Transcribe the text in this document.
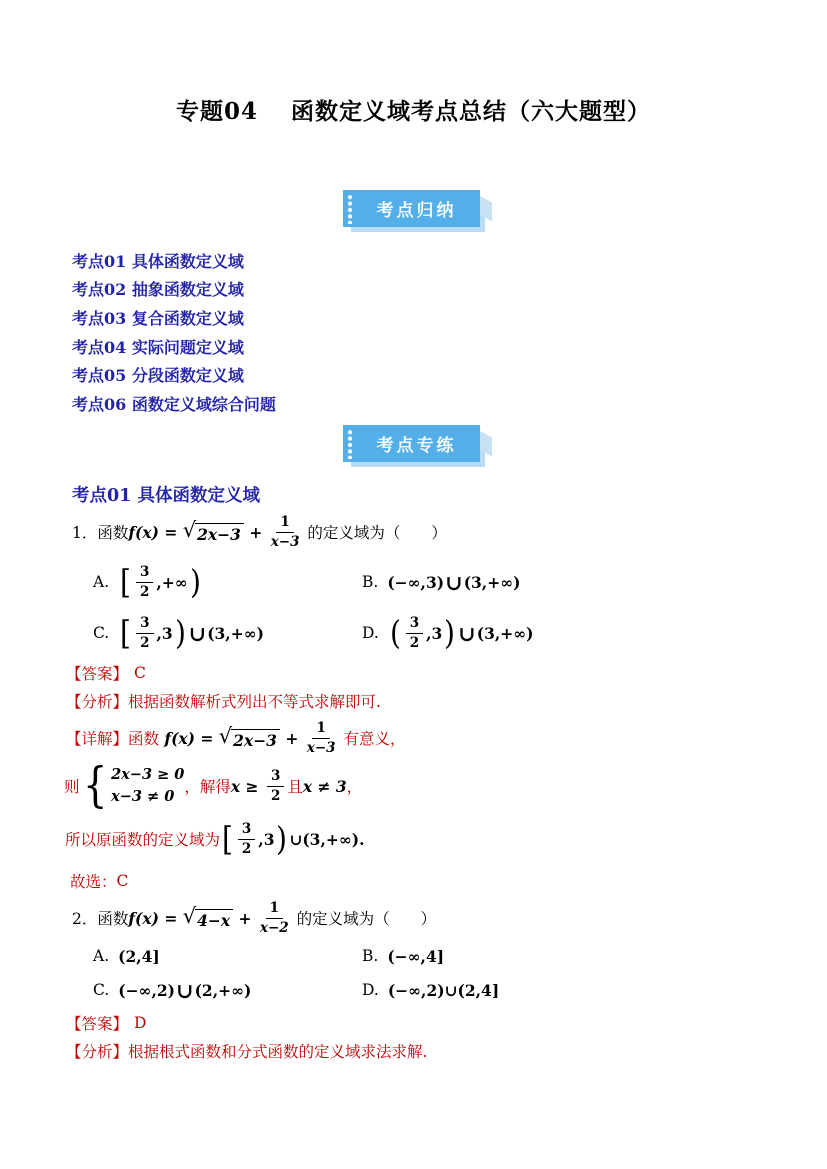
专题04　 函数定义域考点总结（六大题型）
考点归纳
考点01 具体函数定义域
考点02 抽象函数定义域
考点03 复合函数定义域
考点04 实际问题定义域
考点05 分段函数定义域
考点06 函数定义域综合问题
考点专练
考点01 具体函数定义域
1．函数 f(x) = √ $2x-3 + \frac{1}{x-3}$ 的定义域为（　　）
A. [ $\frac{3}{2}$ ,+∞ )	B. (−∞,3) ∪ (3,+∞)
C. [ $\frac{3}{2} ,3$ ) ∪ (3,+∞)	D. ( $\frac{3}{2} ,3$ ) ∪ (3,+∞)
【答案】 C
【分析】 根据函数解析式列出不等式求解即可.
【详解】函数 f(x) = √ $2x-3 + \frac{1}{x-3}$ 有意义，
则 { 2x−3 ≥ 0
x−3 ≠ 0
， 解得 $x \ge \frac{3}{2}$ 且 x ≠ 3 ，
所以原函数的定义域为 [ $\frac{3}{2} ,3$ ) ∪(3,+∞).
故选： C
2．函数 f(x) = √ $4-x + \frac{1}{x-2}$ 的定义域为（　　）
A. (2,4]	B. (−∞,4]
C. (−∞,2) ∪ (2,+∞)	D. (−∞,2)∪(2,4]
【答案】 D
【分析】 根据根式函数和分式函数的定义域求法求解.
